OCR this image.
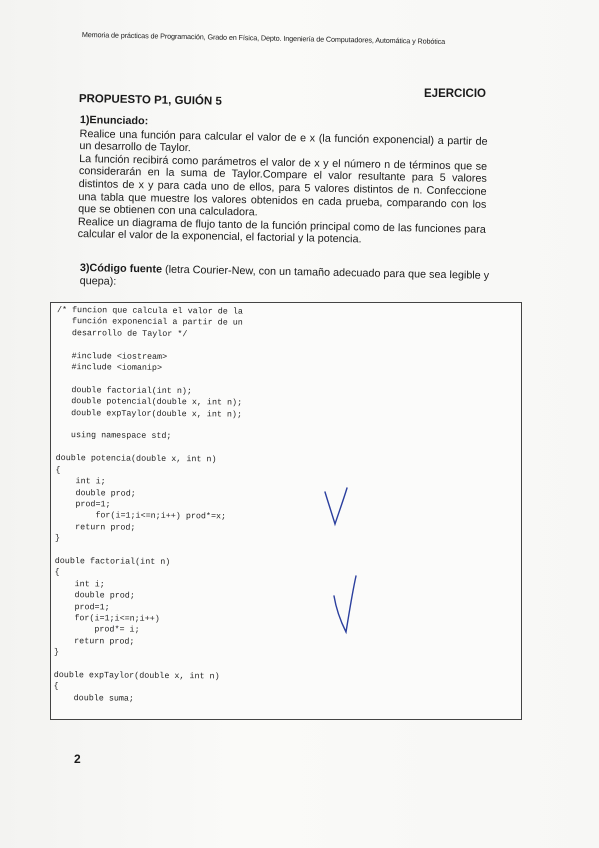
Memoria de prácticas de Programación, Grado en Física, Depto. Ingeniería de Computadores, Automática y Robótica
PROPUESTO P1, GUIÓN 5	EJERCICIO

1)Enunciado:

Realice una función para calcular el valor de e x (la función exponencial) a partir de un desarrollo de Taylor.

La función recibirá como parámetros el valor de x y el número n de términos que se considerarán en la suma de Taylor.Compare el valor resultante para 5 valores distintos de x y para cada uno de ellos, para 5 valores distintos de n. Confeccione una tabla que muestre los valores obtenidos en cada prueba, comparando con los que se obtienen con una calculadora.

Realice un diagrama de flujo tanto de la función principal como de las funciones para calcular el valor de la exponencial, el factorial y la potencia.

3)Código fuente (letra Courier-New, con un tamaño adecuado para que sea legible y quepa):
/* funcion que calcula el valor de la
función exponencial a partir de un
desarrollo de Taylor */

#include <iostream>
#include <iomanip>

double factorial(int n);
double potencial(double x, int n);
double expTaylor(double x, int n);

using namespace std;

double potencia(double x, int n)
{
int i;
double prod;
prod=1;
for(i=1;i<=n;i++) prod*=x;
return prod;
}

double factorial(int n)
{
int i;
double prod;
prod=1;
for(i=1;i<=n;i++)
prod*= i;
return prod;
}

double expTaylor(double x, int n)
{
double suma;
2
